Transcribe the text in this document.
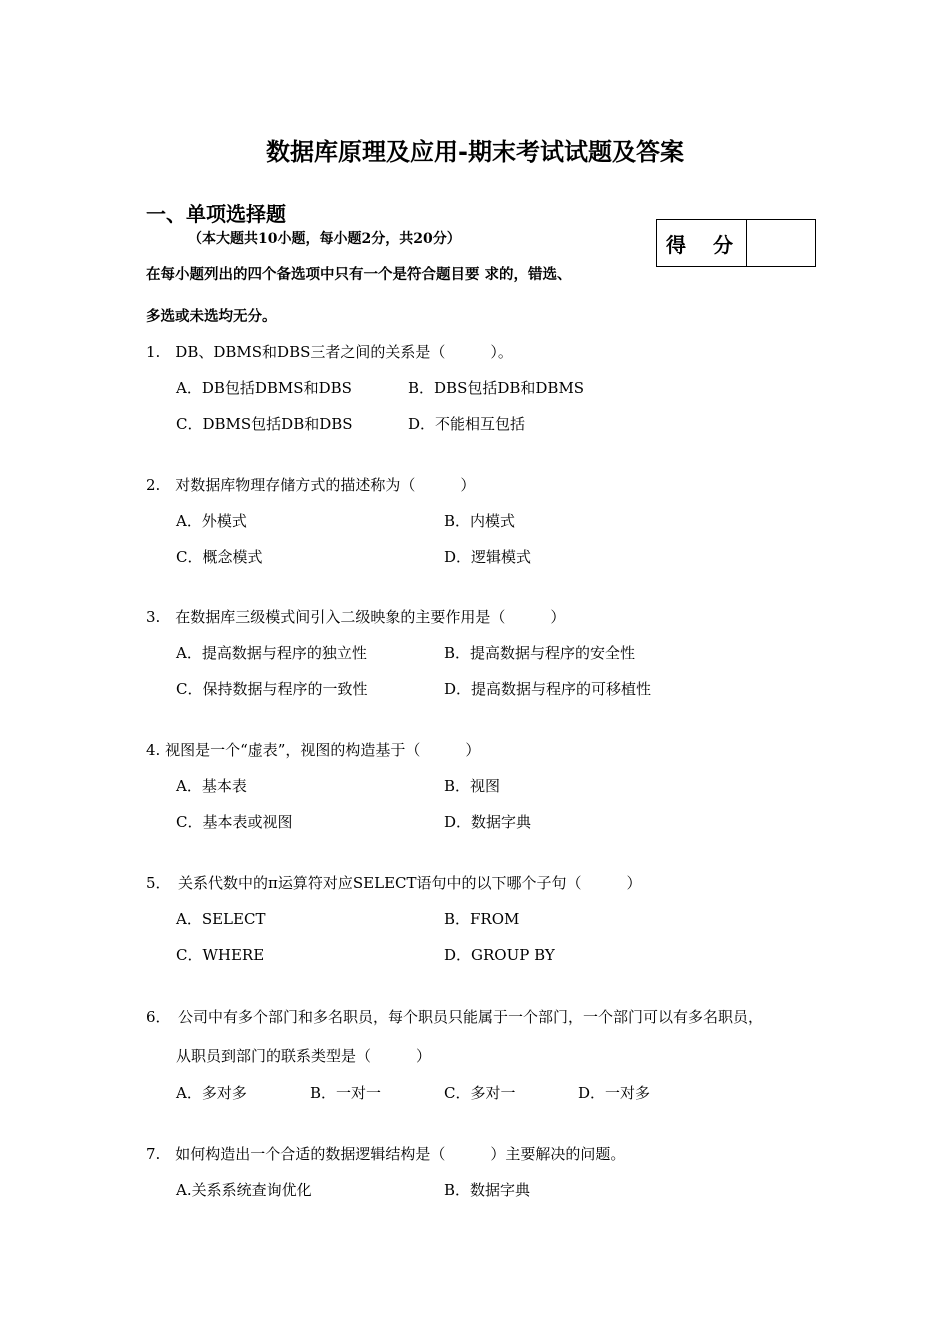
数据库原理及应用-期末考试试题及答案
一、单项选择题
（本大题共10小题，每小题2分，共20分）	得 分
在每小题列出的四个备选项中只有一个是符合题目要 求的，错选、
多选或未选均无分。
1.　DB、DBMS和DBS三者之间的关系是（　　　）。
A．DB包括DBMS和DBS	B．DBS包括DB和DBMS
C．DBMS包括DB和DBS	D．不能相互包括
2.　对数据库物理存储方式的描述称为（　　　）
A．外模式	B．内模式
C．概念模式	D．逻辑模式
3.　在数据库三级模式间引入二级映象的主要作用是（　　　）
A．提高数据与程序的独立性	B．提高数据与程序的安全性
C．保持数据与程序的一致性	D．提高数据与程序的可移植性
4. 视图是一个“虚表”，视图的构造基于（　　　）
A．基本表	B．视图
C．基本表或视图	D．数据字典
5．　关系代数中的π运算符对应SELECT语句中的以下哪个子句（　　　）
A．SELECT	B．FROM
C．WHERE	D．GROUP BY
6．　公司中有多个部门和多名职员，每个职员只能属于一个部门，一个部门可以有多名职员，
从职员到部门的联系类型是（　　　）
A．多对多	B．一对一	C．多对一	D．一对多
7.　如何构造出一个合适的数据逻辑结构是（　　　）主要解决的问题。
A.关系系统查询优化	B．数据字典
